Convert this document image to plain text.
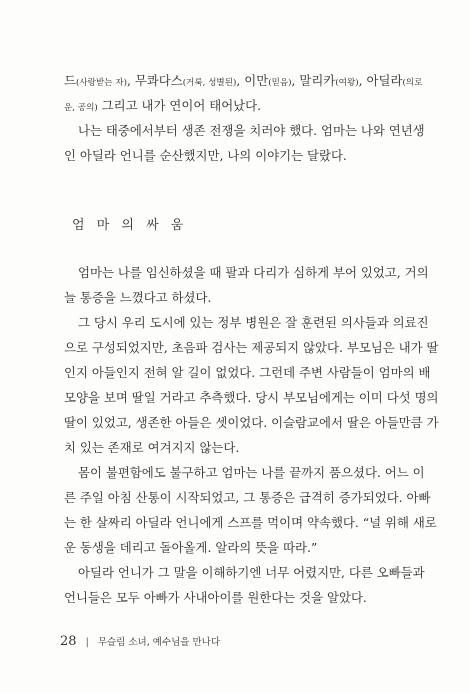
드(사랑받는 자), 무콰다스(거룩, 성별된), 이만(믿음), 말리카(여왕), 아딜라(의로
운, 공의) 그리고 내가 연이어 태어났다.
나는 태중에서부터 생존 전쟁을 치러야 했다. 엄마는 나와 연년생
인 아딜라 언니를 순산했지만, 나의 이야기는 달랐다.
엄 마 의 싸 움
엄마는 나를 임신하셨을 때 팔과 다리가 심하게 부어 있었고, 거의
늘 통증을 느꼈다고 하셨다.
그 당시 우리 도시에 있는 정부 병원은 잘 훈련된 의사들과 의료진
으로 구성되었지만, 초음파 검사는 제공되지 않았다. 부모님은 내가 딸
인지 아들인지 전혀 알 길이 없었다. 그런데 주변 사람들이 엄마의 배
모양을 보며 딸일 거라고 추측했다. 당시 부모님에게는 이미 다섯 명의
딸이 있었고, 생존한 아들은 셋이었다. 이슬람교에서 딸은 아들만큼 가
치 있는 존재로 여겨지지 않는다.
몸이 불편함에도 불구하고 엄마는 나를 끝까지 품으셨다. 어느 이
른 주일 아침 산통이 시작되었고, 그 통증은 급격히 증가되었다. 아빠
는 한 살짜리 아딜라 언니에게 스프를 먹이며 약속했다. “널 위해 새로
운 동생을 데리고 돌아올게. 알라의 뜻을 따라.”
아딜라 언니가 그 말을 이해하기엔 너무 어렸지만, 다른 오빠들과
언니들은 모두 아빠가 사내아이를 원한다는 것을 알았다.
28 | 무슬림 소녀, 예수님을 만나다
